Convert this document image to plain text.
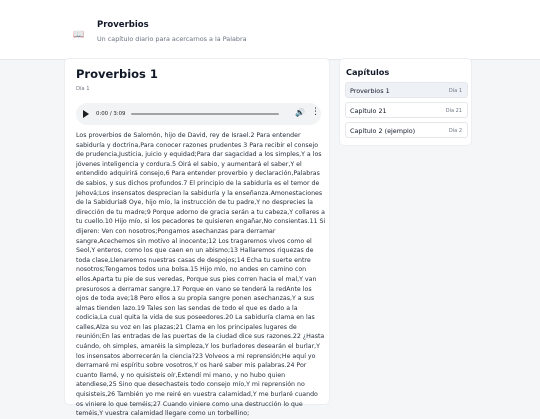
📖
Proverbios
Un capítulo diario para acercarnos a la Palabra
Proverbios 1
Día 1
0:00 / 3:09	🔊 ⋮
Los proverbios de Salomón, hijo de David, rey de Israel.2 Para entender sabiduría y doctrina,Para conocer razones prudentes 3 Para recibir el consejo de prudencia,Justicia, juicio y equidad;Para dar sagacidad a los simples,Y a los jóvenes inteligencia y cordura.5 Oirá el sabio, y aumentará el saber,Y el entendido adquirirá consejo,6 Para entender proverbio y declaración,Palabras de sabios, y sus dichos profundos.7 El principio de la sabiduría es el temor de Jehová;Los insensatos desprecian la sabiduría y la enseñanza.Amonestaciones de la Sabiduría8 Oye, hijo mío, la instrucción de tu padre,Y no desprecies la dirección de tu madre;9 Porque adorno de gracia serán a tu cabeza,Y collares a tu cuello.10 Hijo mío, si los pecadores te quisieren engañar,No consientas.11 Si dijeren: Ven con nosotros;Pongamos asechanzas para derramar sangre,Acechemos sin motivo al inocente;12 Los tragaremos vivos como el Seol,Y enteros, como los que caen en un abismo;13 Hallaremos riquezas de toda clase,Llenaremos nuestras casas de despojos;14 Echa tu suerte entre nosotros;Tengamos todos una bolsa.15 Hijo mío, no andes en camino con ellos.Aparta tu pie de sus veredas, Porque sus pies corren hacia el mal,Y van presurosos a derramar sangre.17 Porque en vano se tenderá la redAnte los ojos de toda ave;18 Pero ellos a su propia sangre ponen asechanzas,Y a sus almas tienden lazo.19 Tales son las sendas de todo el que es dado a la codicia,La cual quita la vida de sus poseedores.20 La sabiduría clama en las calles,Alza su voz en las plazas;21 Clama en los principales lugares de reunión;En las entradas de las puertas de la ciudad dice sus razones.22 ¿Hasta cuándo, oh simples, amaréis la simpleza,Y los burladores desearán el burlar,Y los insensatos aborrecerán la ciencia?23 Volveos a mi reprensión;He aquí yo derramaré mi espíritu sobre vosotros,Y os haré saber mis palabras.24 Por cuanto llamé, y no quisisteis oír,Extendí mi mano, y no hubo quien atendiese,25 Sino que desechasteis todo consejo mío,Y mi reprensión no quisisteis,26 También yo me reiré en vuestra calamidad,Y me burlaré cuando os viniere lo que teméis;27 Cuando viniere como una destrucción lo que teméis,Y vuestra calamidad llegare como un torbellino;
Capítulos
Proverbios 1	Día 1
Capítulo 21	Día 21
Capítulo 2 (ejemplo)	Día 2
